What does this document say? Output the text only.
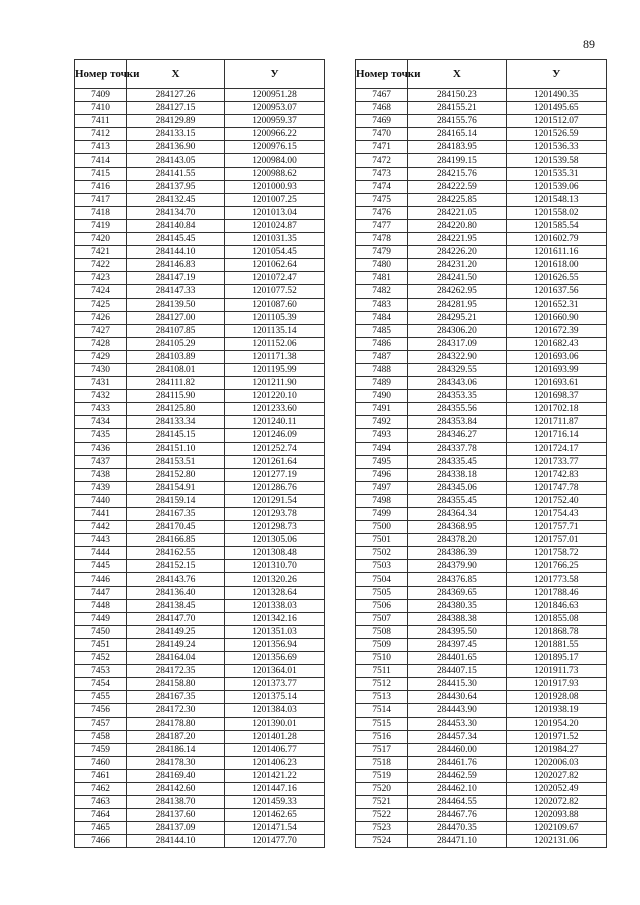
89
Номер точки	Х	У
7409	284127.26	1200951.28
7410	284127.15	1200953.07
7411	284129.89	1200959.37
7412	284133.15	1200966.22
7413	284136.90	1200976.15
7414	284143.05	1200984.00
7415	284141.55	1200988.62
7416	284137.95	1201000.93
7417	284132.45	1201007.25
7418	284134.70	1201013.04
7419	284140.84	1201024.87
7420	284145.45	1201031.35
7421	284144.10	1201054.45
7422	284146.83	1201062.64
7423	284147.19	1201072.47
7424	284147.33	1201077.52
7425	284139.50	1201087.60
7426	284127.00	1201105.39
7427	284107.85	1201135.14
7428	284105.29	1201152.06
7429	284103.89	1201171.38
7430	284108.01	1201195.99
7431	284111.82	1201211.90
7432	284115.90	1201220.10
7433	284125.80	1201233.60
7434	284133.34	1201240.11
7435	284145.15	1201246.09
7436	284151.10	1201252.74
7437	284153.51	1201261.64
7438	284152.80	1201277.19
7439	284154.91	1201286.76
7440	284159.14	1201291.54
7441	284167.35	1201293.78
7442	284170.45	1201298.73
7443	284166.85	1201305.06
7444	284162.55	1201308.48
7445	284152.15	1201310.70
7446	284143.76	1201320.26
7447	284136.40	1201328.64
7448	284138.45	1201338.03
7449	284147.70	1201342.16
7450	284149.25	1201351.03
7451	284149.24	1201356.94
7452	284164.04	1201356.69
7453	284172.35	1201364.01
7454	284158.80	1201373.77
7455	284167.35	1201375.14
7456	284172.30	1201384.03
7457	284178.80	1201390.01
7458	284187.20	1201401.28
7459	284186.14	1201406.77
7460	284178.30	1201406.23
7461	284169.40	1201421.22
7462	284142.60	1201447.16
7463	284138.70	1201459.33
7464	284137.60	1201462.65
7465	284137.09	1201471.54
7466	284144.10	1201477.70
Номер точки	Х	У
7467	284150.23	1201490.35
7468	284155.21	1201495.65
7469	284155.76	1201512.07
7470	284165.14	1201526.59
7471	284183.95	1201536.33
7472	284199.15	1201539.58
7473	284215.76	1201535.31
7474	284222.59	1201539.06
7475	284225.85	1201548.13
7476	284221.05	1201558.02
7477	284220.80	1201585.54
7478	284221.95	1201602.79
7479	284226.20	1201611.16
7480	284231.20	1201618.00
7481	284241.50	1201626.55
7482	284262.95	1201637.56
7483	284281.95	1201652.31
7484	284295.21	1201660.90
7485	284306.20	1201672.39
7486	284317.09	1201682.43
7487	284322.90	1201693.06
7488	284329.55	1201693.99
7489	284343.06	1201693.61
7490	284353.35	1201698.37
7491	284355.56	1201702.18
7492	284353.84	1201711.87
7493	284346.27	1201716.14
7494	284337.78	1201724.17
7495	284335.45	1201733.77
7496	284338.18	1201742.83
7497	284345.06	1201747.78
7498	284355.45	1201752.40
7499	284364.34	1201754.43
7500	284368.95	1201757.71
7501	284378.20	1201757.01
7502	284386.39	1201758.72
7503	284379.90	1201766.25
7504	284376.85	1201773.58
7505	284369.65	1201788.46
7506	284380.35	1201846.63
7507	284388.38	1201855.08
7508	284395.50	1201868.78
7509	284397.45	1201881.55
7510	284401.65	1201895.17
7511	284407.15	1201911.73
7512	284415.30	1201917.93
7513	284430.64	1201928.08
7514	284443.90	1201938.19
7515	284453.30	1201954.20
7516	284457.34	1201971.52
7517	284460.00	1201984.27
7518	284461.76	1202006.03
7519	284462.59	1202027.82
7520	284462.10	1202052.49
7521	284464.55	1202072.82
7522	284467.76	1202093.88
7523	284470.35	1202109.67
7524	284471.10	1202131.06
